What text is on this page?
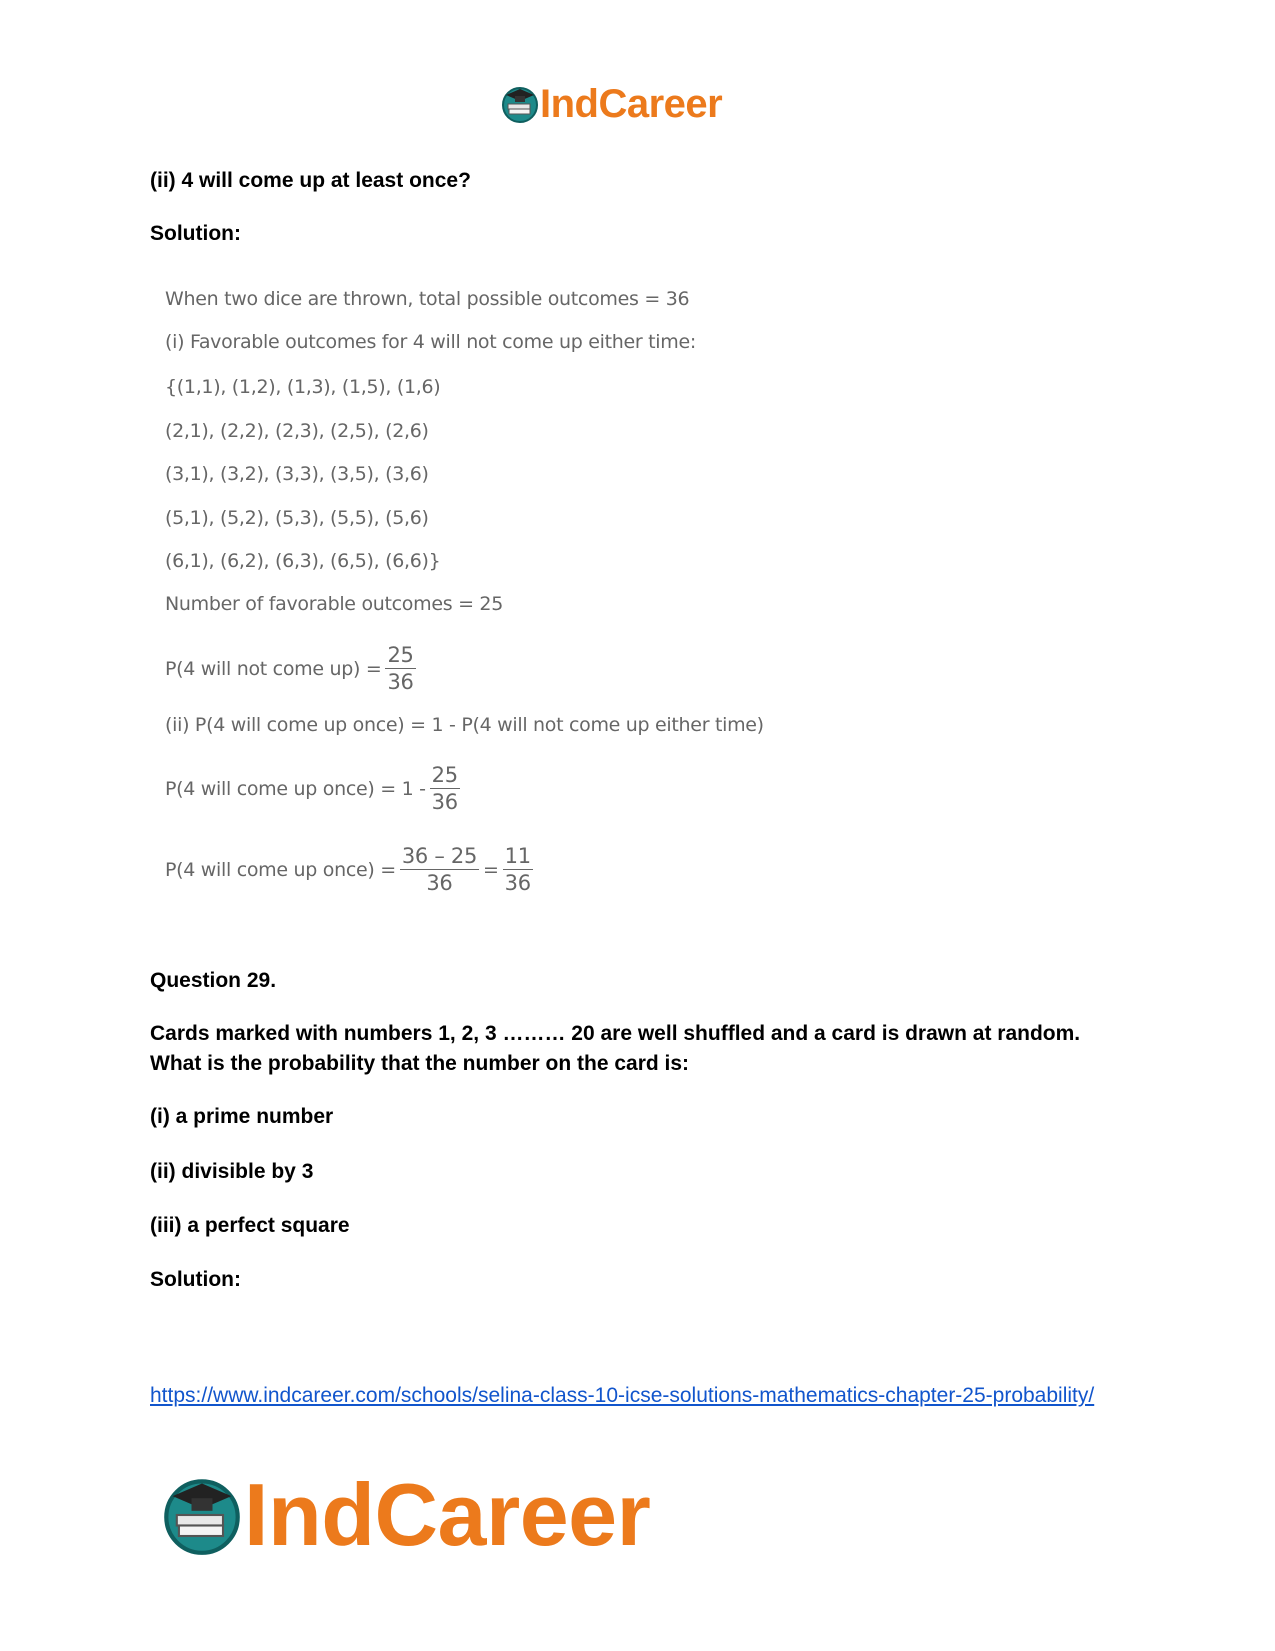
IndCareer

(ii) 4 will come up at least once?

Solution:

When two dice are thrown, total possible outcomes = 36

(i) Favorable outcomes for 4 will not come up either time:

{(1,1), (1,2), (1,3), (1,5), (1,6)

(2,1), (2,2), (2,3), (2,5), (2,6)

(3,1), (3,2), (3,3), (3,5), (3,6)

(5,1), (5,2), (5,3), (5,5), (5,6)

(6,1), (6,2), (6,3), (6,5), (6,6)}

Number of favorable outcomes = 25

P(4 will not come $up) = \frac{25}{36}$

(ii) P(4 will come up once) = 1 - P(4 will not come up either time)

P(4 will come up once) = $1 - \frac{25}{36}$
P(4 will come up once) = $\frac{36 - 25}{36} = \frac{11}{36}$

Question 29.

Cards marked with numbers 1, 2, 3 ……… 20 are well shuffled and a card is drawn at random. What is the probability that the number on the card is:

(i) a prime number

(ii) divisible by 3

(iii) a perfect square

Solution:

https://www.indcareer.com/schools/selina-class-10-icse-solutions-mathematics-chapter-25-probability/
IndCareer
